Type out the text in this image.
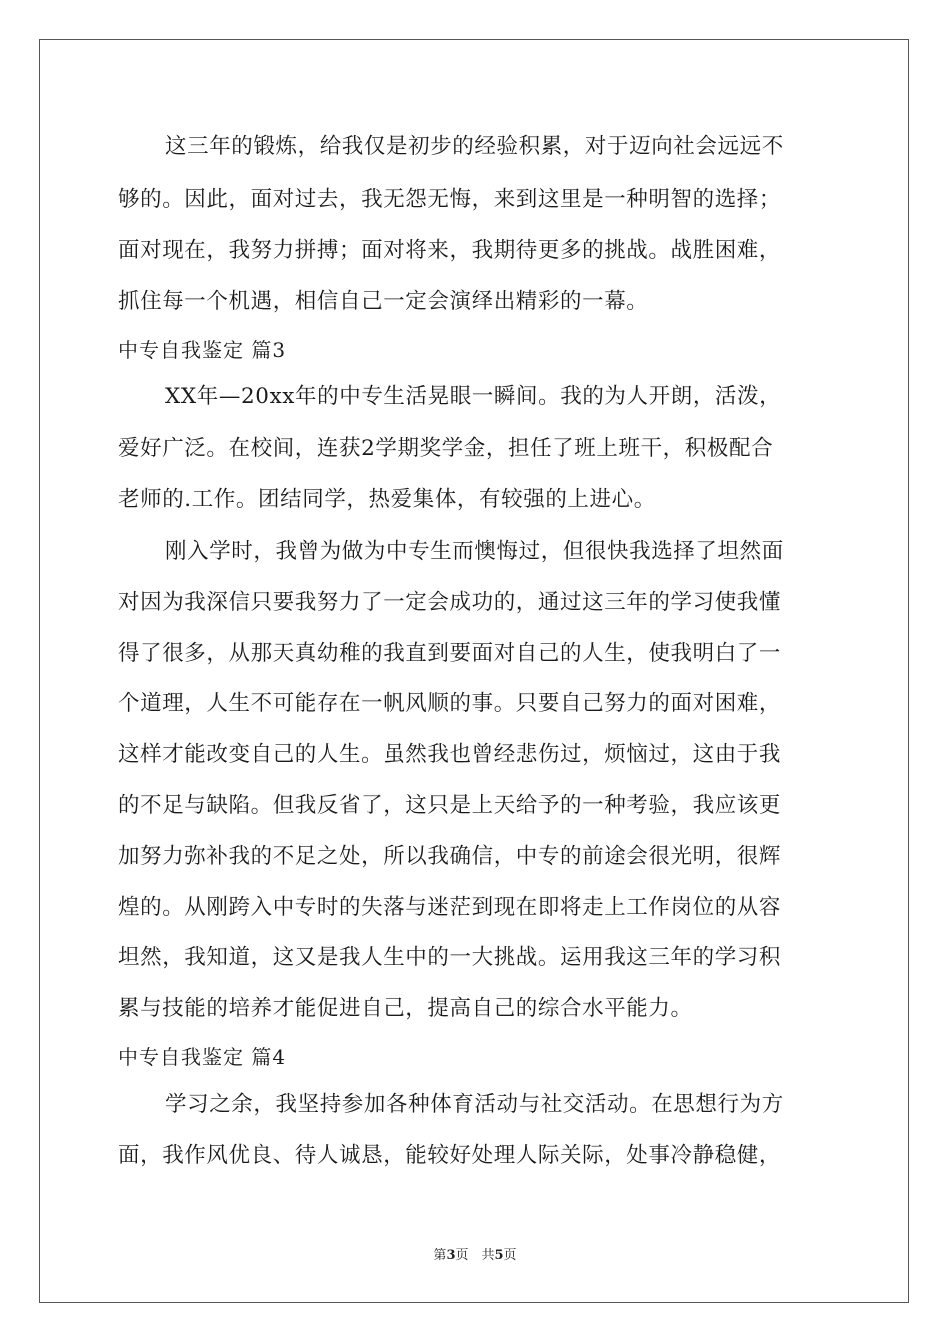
这三年的锻炼，给我仅是初步的经验积累，对于迈向社会远远不
够的。因此，面对过去，我无怨无悔，来到这里是一种明智的选择；
面对现在，我努力拼搏；面对将来，我期待更多的挑战。战胜困难，
抓住每一个机遇，相信自己一定会演绎出精彩的一幕。
中专自我鉴定 篇3
XX年—20xx年的中专生活晃眼一瞬间。我的为人开朗，活泼，
爱好广泛。在校间，连获2学期奖学金，担任了班上班干，积极配合
老师的.工作。团结同学，热爱集体，有较强的上进心。
刚入学时，我曾为做为中专生而懊悔过，但很快我选择了坦然面
对因为我深信只要我努力了一定会成功的，通过这三年的学习使我懂
得了很多，从那天真幼稚的我直到要面对自己的人生，使我明白了一
个道理，人生不可能存在一帆风顺的事。只要自己努力的面对困难，
这样才能改变自己的人生。虽然我也曾经悲伤过，烦恼过，这由于我
的不足与缺陷。但我反省了，这只是上天给予的一种考验，我应该更
加努力弥补我的不足之处，所以我确信，中专的前途会很光明，很辉
煌的。从刚跨入中专时的失落与迷茫到现在即将走上工作岗位的从容
坦然，我知道，这又是我人生中的一大挑战。运用我这三年的学习积
累与技能的培养才能促进自己，提高自己的综合水平能力。
中专自我鉴定 篇4
学习之余，我坚持参加各种体育活动与社交活动。在思想行为方
面，我作风优良、待人诚恳，能较好处理人际关际，处事冷静稳健，
第3页　共5页
